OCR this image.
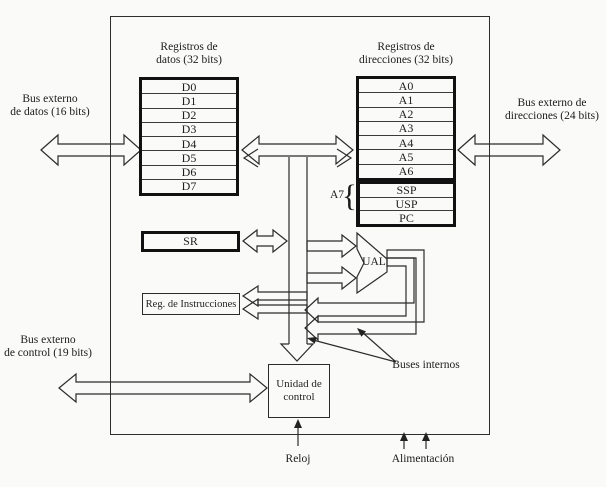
Registros de
datos (32 bits)
D0
D1
D2
D3
D4
D5
D6
D7
Registros de
direcciones (32 bits)
A0
A1
A2
A3
A4
A5
A6
SSP
USP
PC
A7
{
SR
Reg. de Instrucciones
Unidad de
control
UAL
Bus externo
de datos (16 bits)
Bus externo de
direcciones (24 bits)
Bus externo
de control (19 bits)
Buses internos
Reloj	Alimentación
